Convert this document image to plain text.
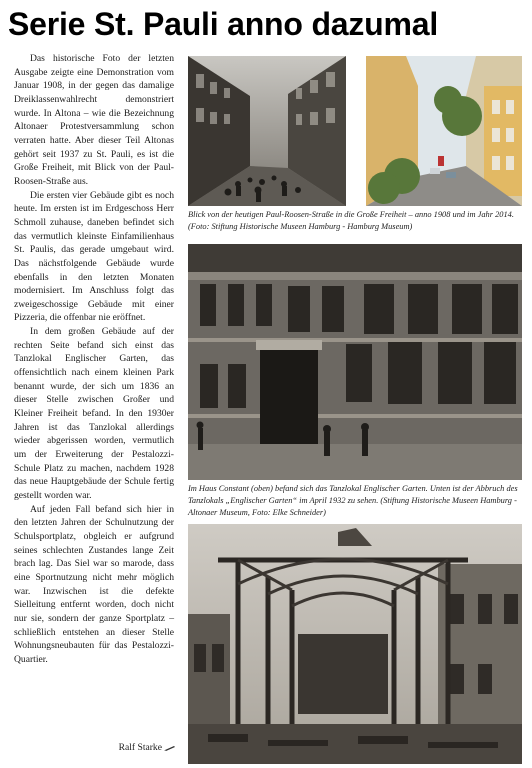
Serie St. Pauli anno dazumal

Das historische Foto der letzten Ausgabe zeigte eine Demonstration vom Januar 1908, in der gegen das damalige Dreiklassenwahlrecht demonstriert wurde. In Altona – wie die Bezeichnung Altonaer Protestversammlung schon verraten hatte. Aber dieser Teil Altonas gehört seit 1937 zu St. Pauli, es ist die Große Freiheit, mit Blick von der Paul-Roosen-Straße aus.

Die ersten vier Gebäude gibt es noch heute. Im ersten ist im Erdgeschoss Herr Schmoll zuhause, daneben befindet sich das vermutlich kleinste Einfamilienhaus St. Paulis, das gerade umgebaut wird. Das nächstfolgende Gebäude wurde ebenfalls in den letzten Monaten modernisiert. Im Anschluss folgt das zweigeschossige Gebäude mit einer Pizzeria, die offenbar nie eröffnet.

In dem großen Gebäude auf der rechten Seite befand sich einst das Tanzlokal Englischer Garten, das offensichtlich nach einem kleinen Park benannt wurde, der sich um 1836 an dieser Stelle zwischen Großer und Kleiner Freiheit befand. In den 1930er Jahren ist das Tanzlokal allerdings wieder abgerissen worden, vermutlich um der Erweiterung der Pestalozzi-Schule Platz zu machen, nachdem 1928 das neue Hauptgebäude der Schule fertig gestellt worden war.

Auf jeden Fall befand sich hier in den letzten Jahren der Schulnutzung der Schulsportplatz, obgleich er aufgrund seines schlechten Zustandes lange Zeit brach lag. Das Siel war so marode, dass eine Sportnutzung nicht mehr möglich war. Inzwischen ist die defekte Sielleitung entfernt worden, doch nicht nur sie, sondern der ganze Sportplatz – schließlich entstehen an dieser Stelle Wohnungsneubauten für das Pestalozzi-Quartier.

Ralf Starke
Blick von der heutigen Paul-Roosen-Straße in die Große Freiheit – anno 1908 und im Jahr 2014. (Foto: Stiftung Historische Museen Hamburg - Hamburg Museum)
Im Haus Constant (oben) befand sich das Tanzlokal Englischer Garten. Unten ist der Abbruch des Tanzlokals „Englischer Garten“ im April 1932 zu sehen. (Stiftung Historische Museen Hamburg - Altonaer Museum, Foto: Elke Schneider)
